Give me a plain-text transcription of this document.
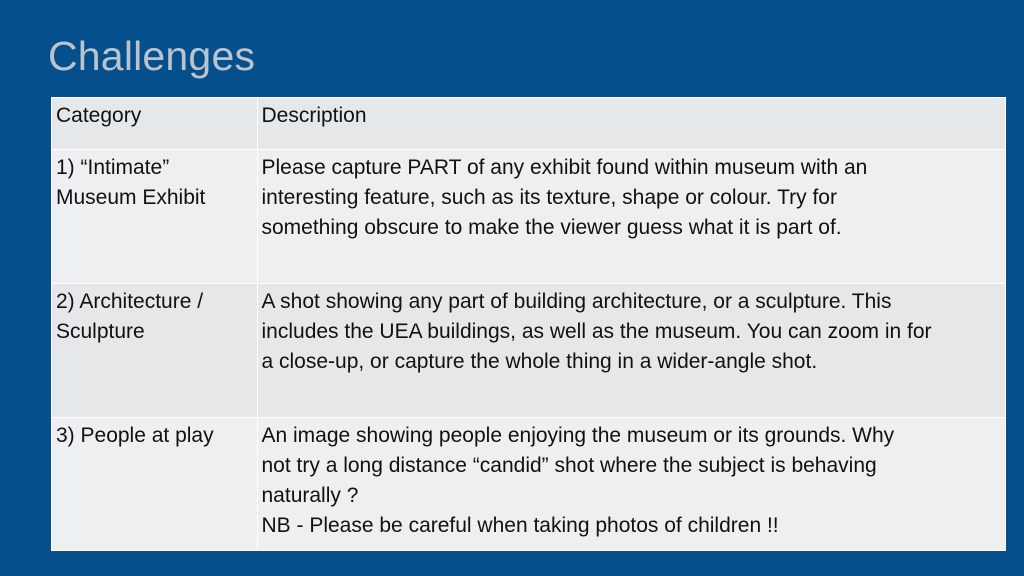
Challenges
Category	Description

1) “Intimate”
Museum Exhibit	Please capture PART of any exhibit found within museum with an
interesting feature, such as its texture, shape or colour. Try for
something obscure to make the viewer guess what it is part of.

2) Architecture /
Sculpture	A shot showing any part of building architecture, or a sculpture. This
includes the UEA buildings, as well as the museum. You can zoom in for
a close-up, or capture the whole thing in a wider-angle shot.

3) People at play	An image showing people enjoying the museum or its grounds. Why
not try a long distance “candid” shot where the subject is behaving
naturally ?
NB - Please be careful when taking photos of children !!
